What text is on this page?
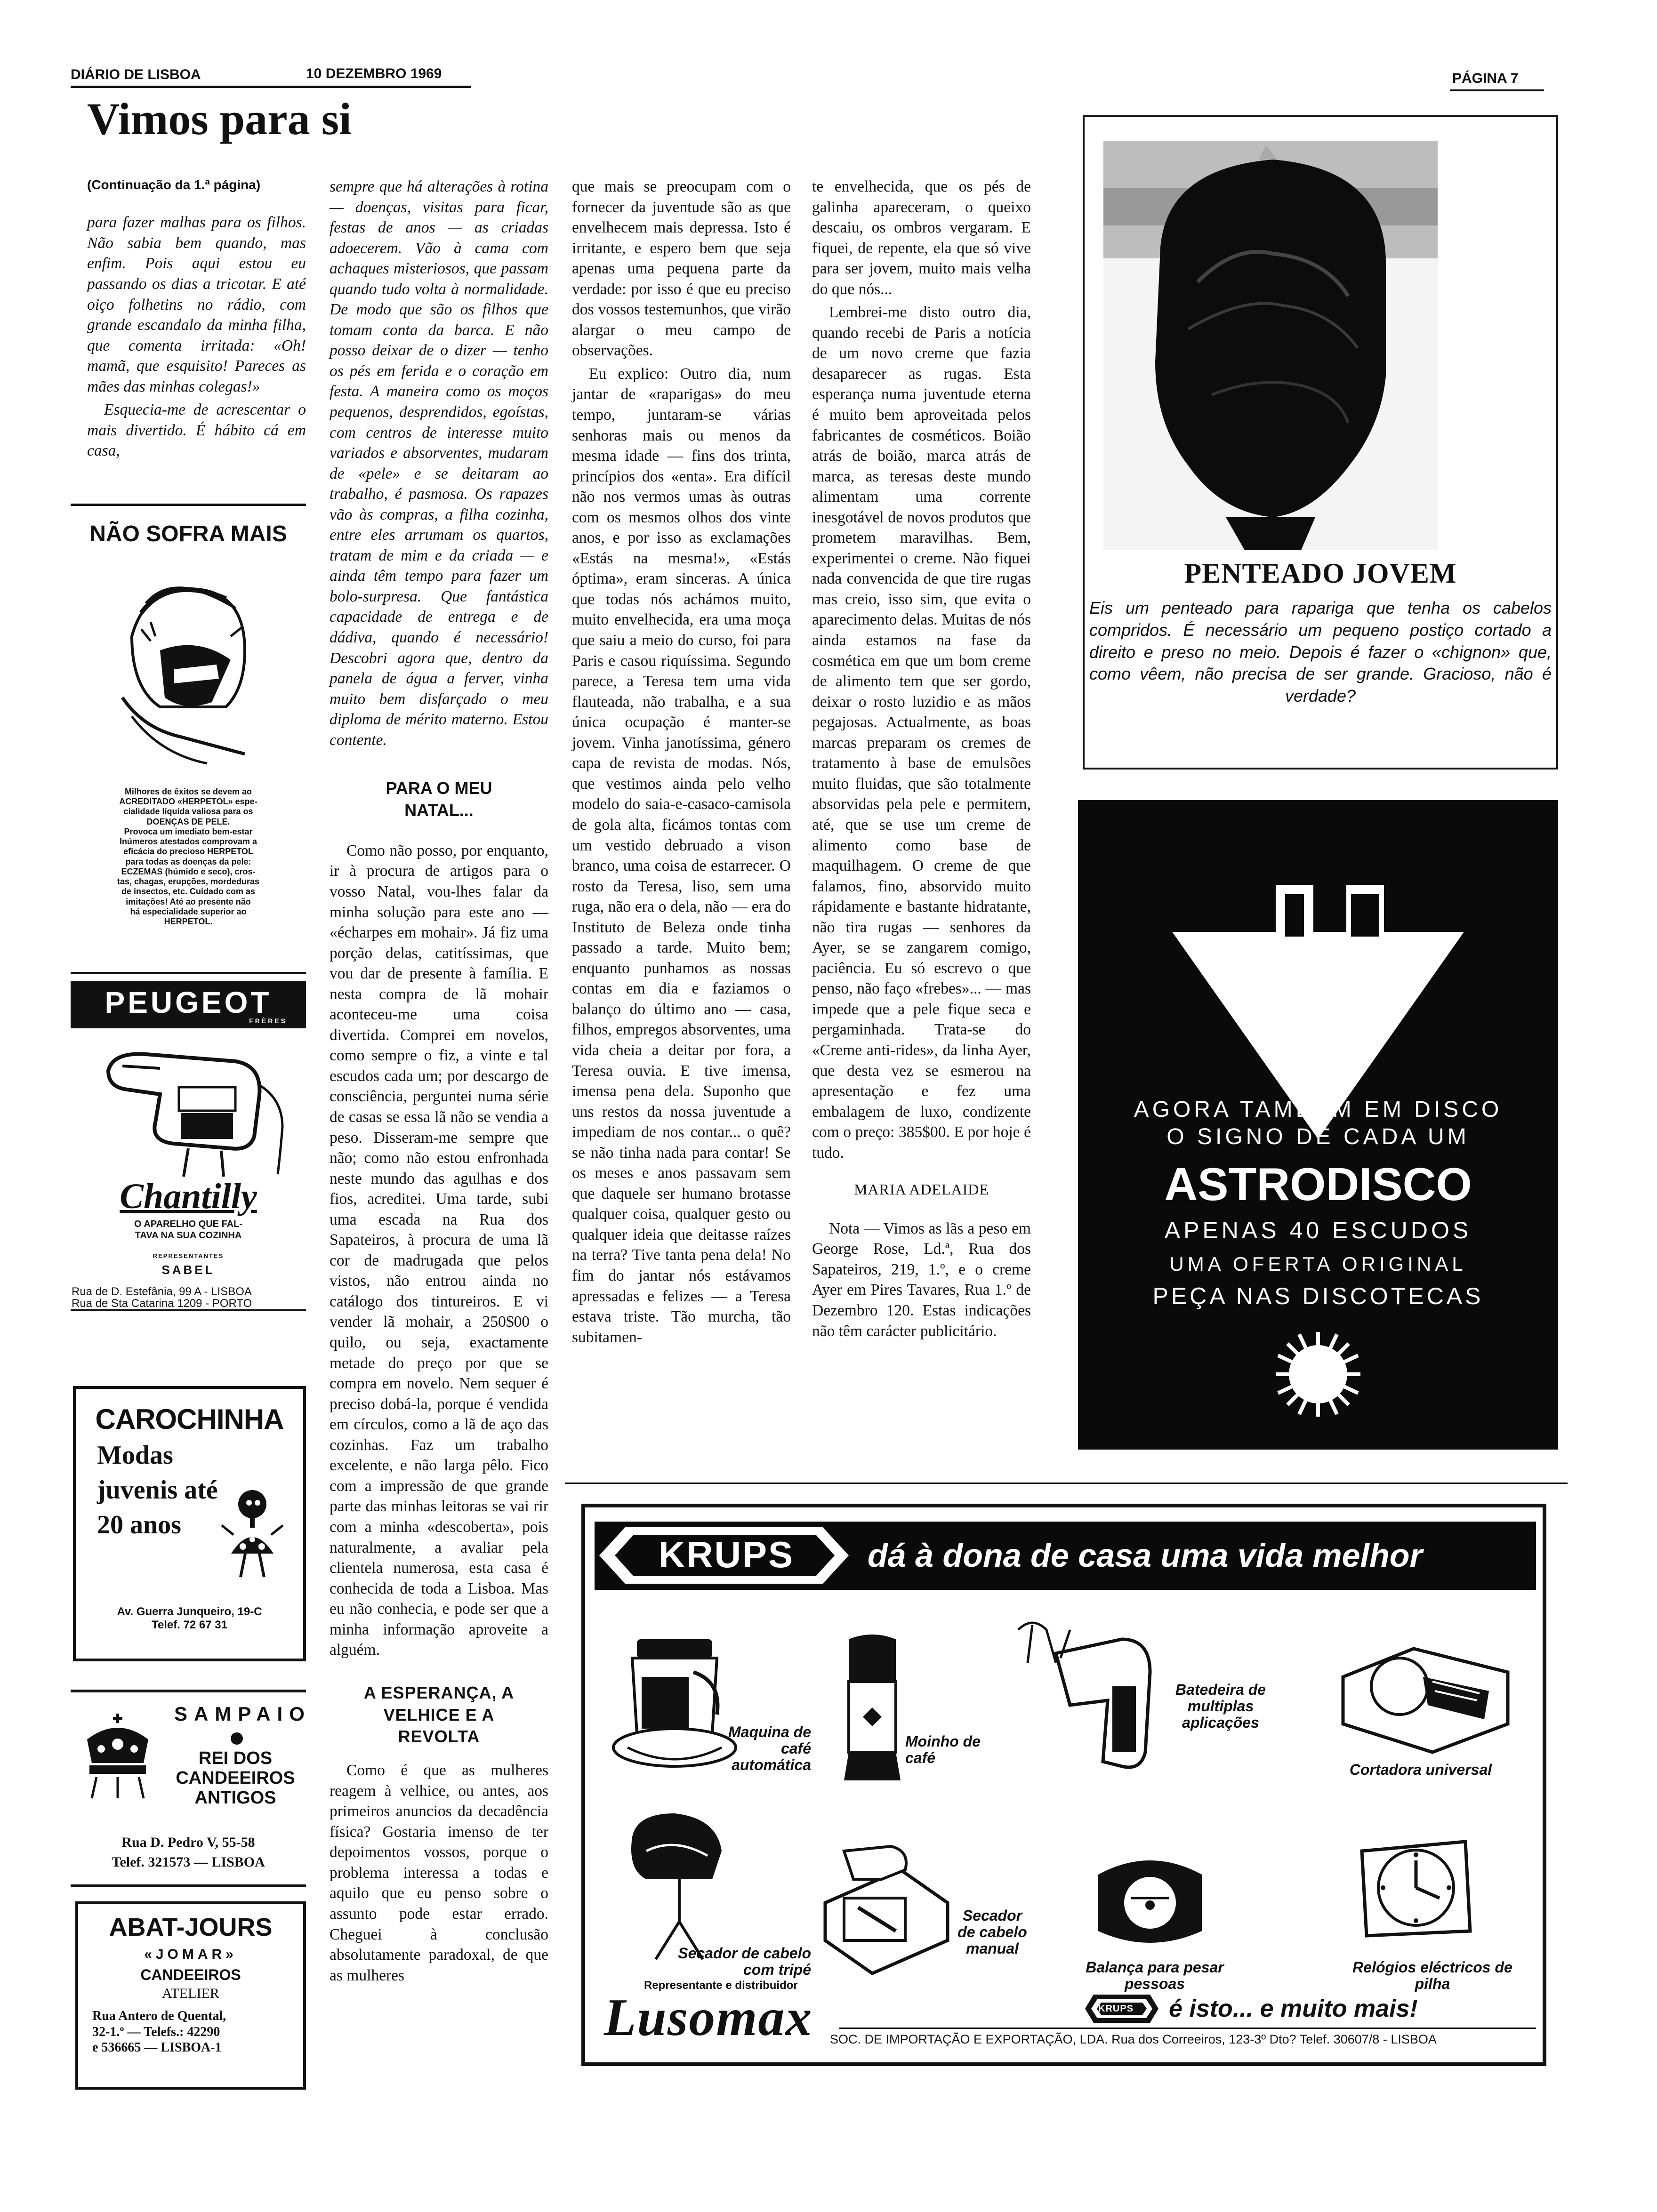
DIÁRIO DE LISBOA	10 DEZEMBRO 1969	PÁGINA 7
Vimos para si

(Continuação da 1.ª página)

para fazer malhas para os filhos. Não sabia bem quando, mas enfim. Pois aqui estou eu passando os dias a tricotar. E até oiço folhetins no rádio, com grande escandalo da minha filha, que comenta irritada: «Oh! mamã, que esquisito! Pareces as mães das minhas colegas!»

Esquecia-me de acrescentar o mais divertido. É hábito cá em casa,

NÃO SOFRA MAIS
Milhores de êxitos se devem ao
ACREDITADO «HERPETOL» espe-
cialidade líquida valiosa para os
DOENÇAS DE PELE.
Provoca um imediato bem-estar
Inúmeros atestados comprovam a
eficácia do precioso HERPETOL
para todas as doenças da pele:
ECZEMAS (húmido e seco), cros-
tas, chagas, erupções, mordeduras
de insectos, etc. Cuidado com as
imitações! Até ao presente não
há especialidade superior ao
HERPETOL.
PEUGEOT
FRÈRES
Chantilly
O APARELHO QUE FAL-
TAVA NA SUA COZINHA
REPRESENTANTES
SABEL
Rua de D. Estefânia, 99 A - LISBOA
Rua de Sta Catarina 1209 - PORTO
CAROCHINHA
Modas
juvenis até
20 anos
Av. Guerra Junqueiro, 19-C
Telef. 72 67 31
SAMPAIO
REI DOS
CANDEEIROS
ANTIGOS
Rua D. Pedro V, 55-58
Telef. 321573 — LISBOA
ABAT-JOURS
«JOMAR»
CANDEEIROS
ATELIER
Rua Antero de Quental,
32-1.º — Telefs.: 42290
e 536665 — LISBOA-1

sempre que há alterações à rotina — doenças, visitas para ficar, festas de anos — as criadas adoecerem. Vão à cama com achaques misteriosos, que passam quando tudo volta à normalidade. De modo que são os filhos que tomam conta da barca. E não posso deixar de o dizer — tenho os pés em ferida e o coração em festa. A maneira como os moços pequenos, desprendidos, egoístas, com centros de interesse muito variados e absorventes, mudaram de «pele» e se deitaram ao trabalho, é pasmosa. Os rapazes vão às compras, a filha cozinha, entre eles arrumam os quartos, tratam de mim e da criada — e ainda têm tempo para fazer um bolo-surpresa. Que fantástica capacidade de entrega e de dádiva, quando é necessário! Descobri agora que, dentro da panela de água a ferver, vinha muito bem disfarçado o meu diploma de mérito materno. Estou contente.

PARA O MEU NATAL...

Como não posso, por enquanto, ir à procura de artigos para o vosso Natal, vou-lhes falar da minha solução para este ano — «écharpes em mohair». Já fiz uma porção delas, catitíssimas, que vou dar de presente à família. E nesta compra de lã mohair aconteceu-me uma coisa divertida. Comprei em novelos, como sempre o fiz, a vinte e tal escudos cada um; por descargo de consciência, perguntei numa série de casas se essa lã não se vendia a peso. Disseram-me sempre que não; como não estou enfronhada neste mundo das agulhas e dos fios, acreditei. Uma tarde, subi uma escada na Rua dos Sapateiros, à procura de uma lã cor de madrugada que pelos vistos, não entrou ainda no catálogo dos tintureiros. E vi vender lã mohair, a 250$00 o quilo, ou seja, exactamente metade do preço por que se compra em novelo. Nem sequer é preciso dobá-la, porque é vendida em círculos, como a lã de aço das cozinhas. Faz um trabalho excelente, e não larga pêlo. Fico com a impressão de que grande parte das minhas leitoras se vai rir com a minha «descoberta», pois naturalmente, a avaliar pela clientela numerosa, esta casa é conhecida de toda a Lisboa. Mas eu não conhecia, e pode ser que a minha informação aproveite a alguém.

A ESPERANÇA, A VELHICE E A REVOLTA

Como é que as mulheres reagem à velhice, ou antes, aos primeiros anuncios da decadência física? Gostaria imenso de ter depoimentos vossos, porque o problema interessa a todas e aquilo que eu penso sobre o assunto pode estar errado. Cheguei à conclusão absolutamente paradoxal, de que as mulheres

que mais se preocupam com o fornecer da juventude são as que envelhecem mais depressa. Isto é irritante, e espero bem que seja apenas uma pequena parte da verdade: por isso é que eu preciso dos vossos testemunhos, que virão alargar o meu campo de observações.

Eu explico: Outro dia, num jantar de «raparigas» do meu tempo, juntaram-se várias senhoras mais ou menos da mesma idade — fins dos trinta, princípios dos «enta». Era difícil não nos vermos umas às outras com os mesmos olhos dos vinte anos, e por isso as exclamações «Estás na mesma!», «Estás óptima», eram sinceras. A única que todas nós achámos muito, muito envelhecida, era uma moça que saiu a meio do curso, foi para Paris e casou riquíssima. Segundo parece, a Teresa tem uma vida flauteada, não trabalha, e a sua única ocupação é manter-se jovem. Vinha janotíssima, género capa de revista de modas. Nós, que vestimos ainda pelo velho modelo do saia-e-casaco-camisola de gola alta, ficámos tontas com um vestido debruado a vison branco, uma coisa de estarrecer. O rosto da Teresa, liso, sem uma ruga, não era o dela, não — era do Instituto de Beleza onde tinha passado a tarde. Muito bem; enquanto punhamos as nossas contas em dia e faziamos o balanço do último ano — casa, filhos, empregos absorventes, uma vida cheia a deitar por fora, a Teresa ouvia. E tive imensa, imensa pena dela. Suponho que uns restos da nossa juventude a impediam de nos contar... o quê? se não tinha nada para contar! Se os meses e anos passavam sem que daquele ser humano brotasse qualquer coisa, qualquer gesto ou qualquer ideia que deitasse raízes na terra? Tive tanta pena dela! No fim do jantar nós estávamos apressadas e felizes — a Teresa estava triste. Tão murcha, tão subitamen-

te envelhecida, que os pés de galinha apareceram, o queixo descaiu, os ombros vergaram. E fiquei, de repente, ela que só vive para ser jovem, muito mais velha do que nós...

Lembrei-me disto outro dia, quando recebi de Paris a notícia de um novo creme que fazia desaparecer as rugas. Esta esperança numa juventude eterna é muito bem aproveitada pelos fabricantes de cosméticos. Boião atrás de boião, marca atrás de marca, as teresas deste mundo alimentam uma corrente inesgotável de novos produtos que prometem maravilhas. Bem, experimentei o creme. Não fiquei nada convencida de que tire rugas mas creio, isso sim, que evita o aparecimento delas. Muitas de nós ainda estamos na fase da cosmética em que um bom creme de alimento tem que ser gordo, deixar o rosto luzidio e as mãos pegajosas. Actualmente, as boas marcas preparam os cremes de tratamento à base de emulsões muito fluidas, que são totalmente absorvidas pela pele e permitem, até, que se use um creme de alimento como base de maquilhagem. O creme de que falamos, fino, absorvido muito rápidamente e bastante hidratante, não tira rugas — senhores da Ayer, se se zangarem comigo, paciência. Eu só escrevo o que penso, não faço «frebes»... — mas impede que a pele fique seca e pergaminhada. Trata-se do «Creme anti-rides», da linha Ayer, que desta vez se esmerou na apresentação e fez uma embalagem de luxo, condizente com o preço: 385$00. E por hoje é tudo.

MARIA ADELAIDE

Nota — Vimos as lãs a peso em George Rose, Ld.ª, Rua dos Sapateiros, 219, 1.º, e o creme Ayer em Pires Tavares, Rua 1.º de Dezembro 120. Estas indicações não têm carácter publicitário.

PENTEADO JOVEM
Eis um penteado para rapariga que tenha os cabelos compridos. É necessário um pequeno postiço cortado a direito e preso no meio. Depois é fazer o «chignon» que, como vêem, não precisa de ser grande. Gracioso, não é verdade?
AGORA TAMBÉM EM DISCO
O SIGNO DE CADA UM
ASTRODISCO
APENAS 40 ESCUDOS
UMA OFERTA ORIGINAL
PEÇA NAS DISCOTECAS
KRUPS	dá à dona de casa uma vida melhor
Maquina de café automática
Moinho de café
Batedeira de multiplas aplicações
Cortadora universal
Secador de cabelo com tripé
Secador de cabelo manual
Balança para pesar pessoas
Relógios eléctricos de pilha
Representante e distribuidor
Lusomax	KRUPS é isto... e muito mais!
SOC. DE IMPORTAÇÃO E EXPORTAÇÃO, LDA. Rua dos Correeiros, 123-3º Dto? Telef. 30607/8 - LISBOA
